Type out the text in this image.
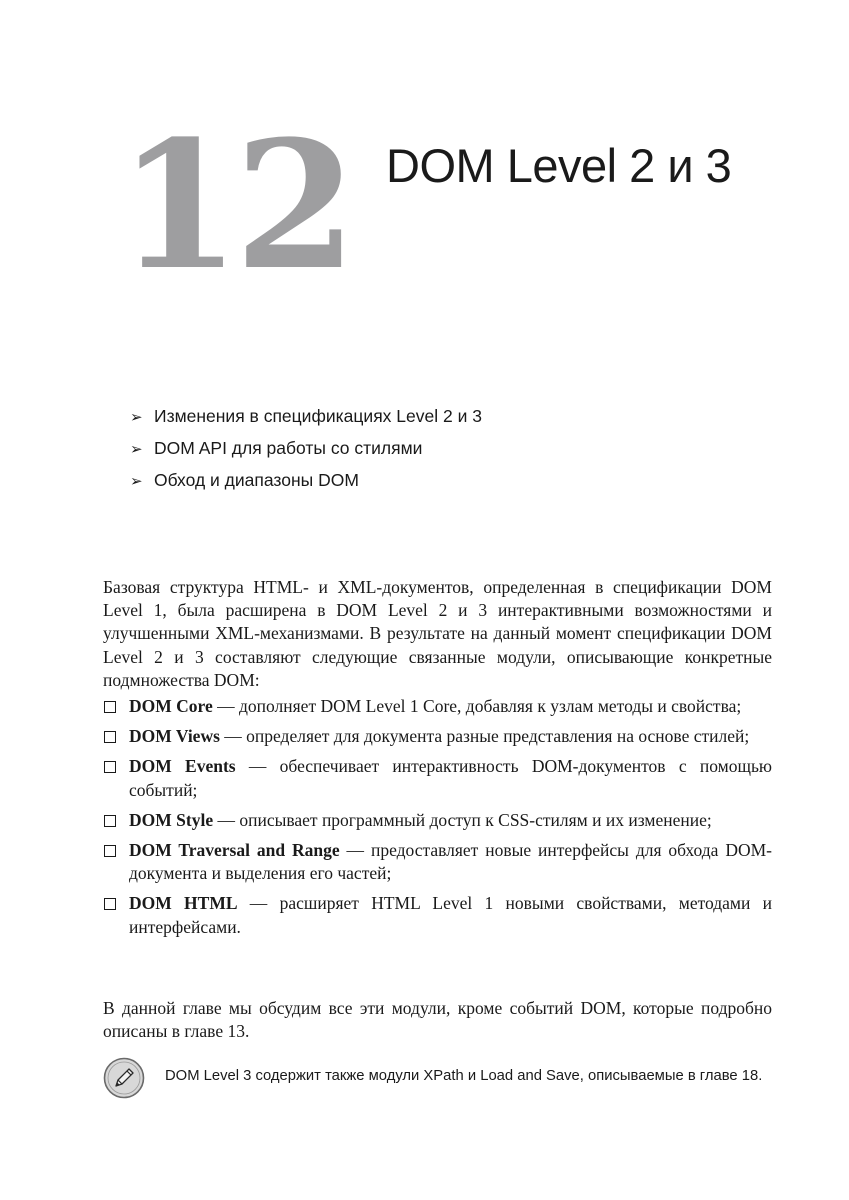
12 DOM Level 2 и 3
➢ Изменения в спецификациях Level 2 и 3
➢ DOM API для работы со стилями
➢ Обход и диапазоны DOM

Базовая структура HTML- и XML-документов, определенная в спецификации DOM Level 1, была расширена в DOM Level 2 и 3 интерактивными возможностями и улучшенными XML-механизмами. В результате на данный момент спецификации DOM Level 2 и 3 составляют следующие связанные модули, описывающие конкретные подмножества DOM:

DOM Core — дополняет DOM Level 1 Core, добавляя к узлам методы и свойства;
DOM Views — определяет для документа разные представления на основе стилей;
DOM Events — обеспечивает интерактивность DOM-документов с помощью событий;
DOM Style — описывает программный доступ к CSS-стилям и их изменение;
DOM Traversal and Range — предоставляет новые интерфейсы для обхода DOM-документа и выделения его частей;
DOM HTML — расширяет HTML Level 1 новыми свойствами, методами и интерфейсами.

В данной главе мы обсудим все эти модули, кроме событий DOM, которые подробно описаны в главе 13.

DOM Level 3 содержит также модули XPath и Load and Save, описываемые в главе 18.
